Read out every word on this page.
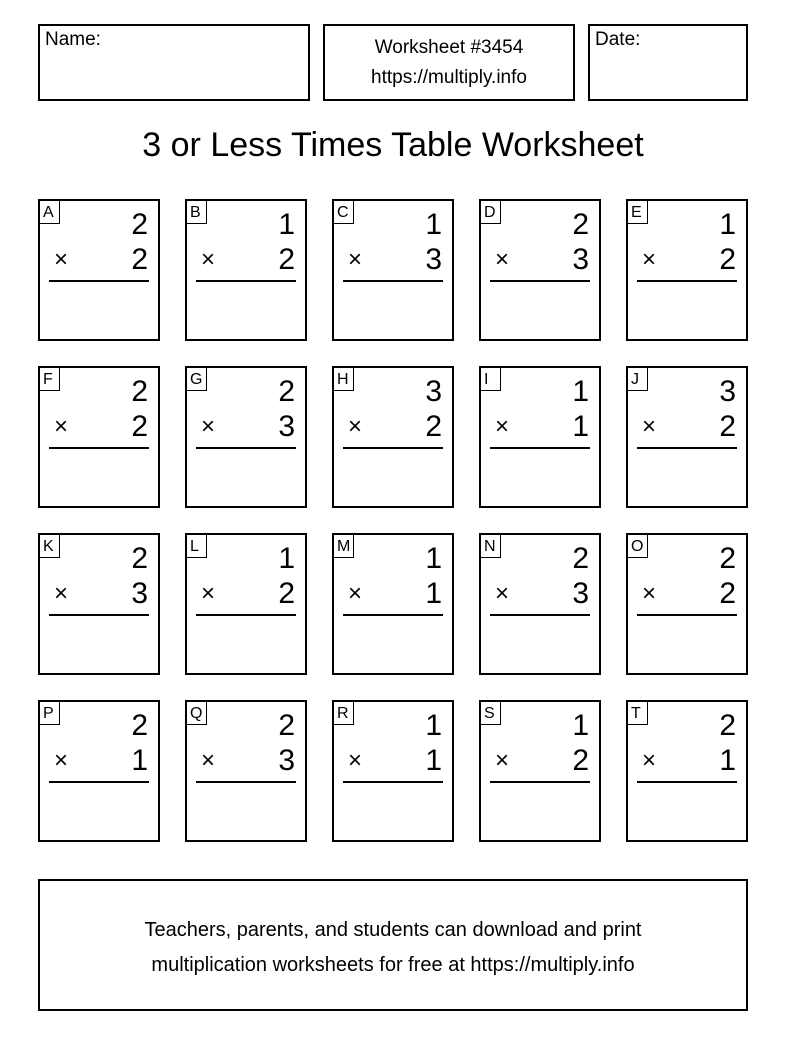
Name:	Worksheet #3454
https://multiply.info
Date:
3 or Less Times Table Worksheet
A	2
× 2
B	1
× 2
C	1
× 3
D	2
× 3
E	1
× 2
F	2
× 2
G	2
× 3
H	3
× 2
I	1
× 1
J	3
× 2
K	2
× 3
L	1
× 2
M 1
× 1
N	2
× 3
O	2
× 2
P	2
× 1
Q	2
× 3
R	1
× 1
S	1
× 2
T	2
× 1
Teachers, parents, and students can download and print
multiplication worksheets for free at https://multiply.info
